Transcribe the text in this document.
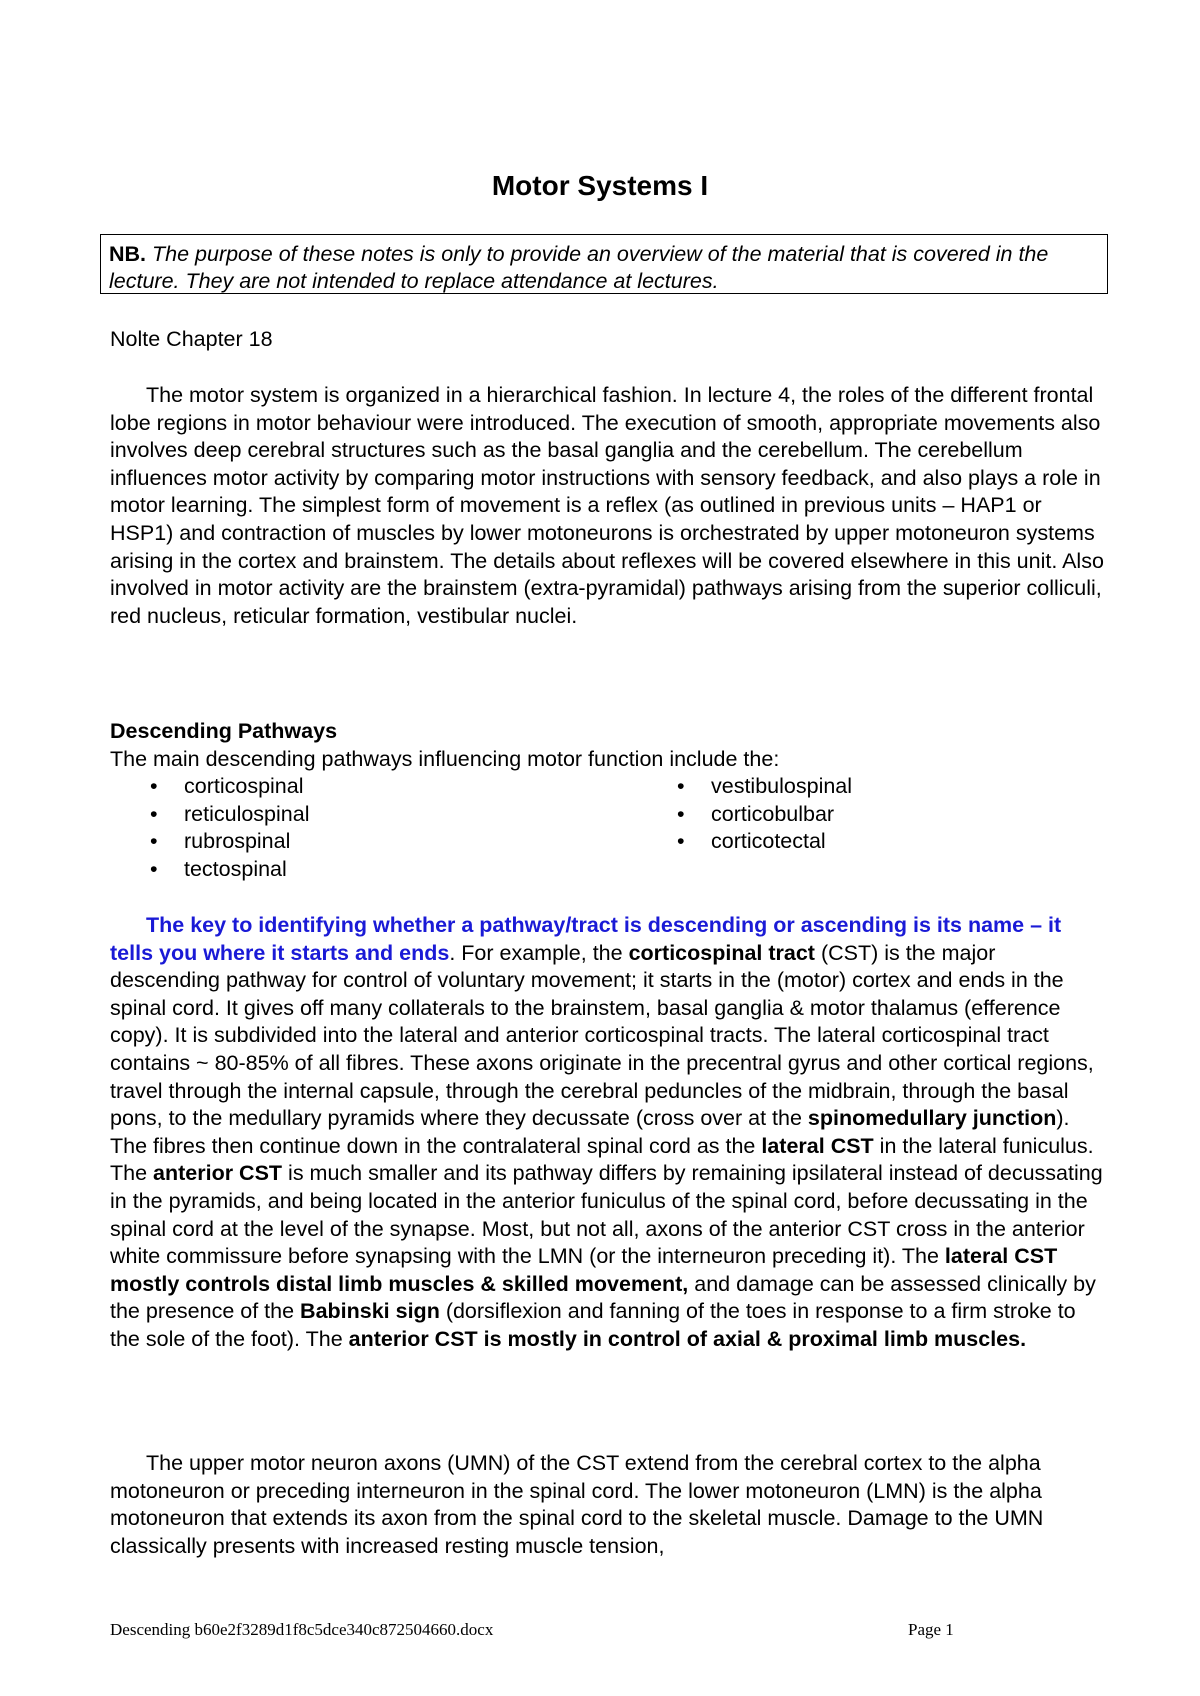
Motor Systems I
NB. The purpose of these notes is only to provide an overview of the material that is covered in the lecture. They are not intended to replace attendance at lectures.
Nolte Chapter 18

The motor system is organized in a hierarchical fashion. In lecture 4, the roles of the different frontal lobe regions in motor behaviour were introduced. The execution of smooth, appropriate movements also involves deep cerebral structures such as the basal ganglia and the cerebellum. The cerebellum influences motor activity by comparing motor instructions with sensory feedback, and also plays a role in motor learning. The simplest form of movement is a reflex (as outlined in previous units – HAP1 or HSP1) and contraction of muscles by lower motoneurons is orchestrated by upper motoneuron systems arising in the cortex and brainstem. The details about reflexes will be covered elsewhere in this unit. Also involved in motor activity are the brainstem (extra-pyramidal) pathways arising from the superior colliculi, red nucleus, reticular formation, vestibular nuclei.

Descending Pathways
The main descending pathways influencing motor function include the:
• corticospinal
• reticulospinal
• rubrospinal
• tectospinal
• vestibulospinal
• corticobulbar
• corticotectal

The key to identifying whether a pathway/tract is descending or ascending is its name – it tells you where it starts and ends. For example, the corticospinal tract (CST) is the major descending pathway for control of voluntary movement; it starts in the (motor) cortex and ends in the spinal cord. It gives off many collaterals to the brainstem, basal ganglia & motor thalamus (efference copy). It is subdivided into the lateral and anterior corticospinal tracts. The lateral corticospinal tract contains ~ 80-85% of all fibres. These axons originate in the precentral gyrus and other cortical regions, travel through the internal capsule, through the cerebral peduncles of the midbrain, through the basal pons, to the medullary pyramids where they decussate (cross over at the spinomedullary junction). The fibres then continue down in the contralateral spinal cord as the lateral CST in the lateral funiculus. The anterior CST is much smaller and its pathway differs by remaining ipsilateral instead of decussating in the pyramids, and being located in the anterior funiculus of the spinal cord, before decussating in the spinal cord at the level of the synapse. Most, but not all, axons of the anterior CST cross in the anterior white commissure before synapsing with the LMN (or the interneuron preceding it). The lateral CST mostly controls distal limb muscles & skilled movement, and damage can be assessed clinically by the presence of the Babinski sign (dorsiflexion and fanning of the toes in response to a firm stroke to the sole of the foot). The anterior CST is mostly in control of axial & proximal limb muscles.

The upper motor neuron axons (UMN) of the CST extend from the cerebral cortex to the alpha motoneuron or preceding interneuron in the spinal cord. The lower motoneuron (LMN) is the alpha motoneuron that extends its axon from the spinal cord to the skeletal muscle. Damage to the UMN classically presents with increased resting muscle tension,

Descending b60e2f3289d1f8c5dce340c872504660.docx	Page 1
